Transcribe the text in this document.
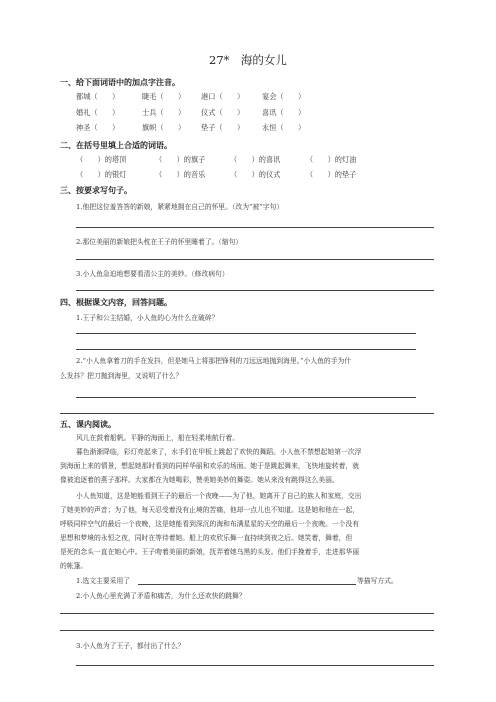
27*　海的女儿
一、给下面词语中的加点字注音。
都城（　　）	睫毛（　　） 港口（　　） 宴会（　　）
婚礼（　　）	士兵（　　） 仪式（　　） 喜讯（　　）
神圣（　　）	旗帜（　　） 垫子（　　） 永恒（　　）
二、在括号里填上合适的词语。
（　　）的塔顶	（　　）的旗子	（　　）的喜讯	（　　）的灯油
（　　）的银灯	（　　）的音乐	（　　）的仪式	（　　）的垫子
三、按要求写句子。
1.他把这位羞答答的新娘，紧紧地拥在自己的怀里。（改为“被”字句）
2.那位美丽的新娘把头枕在王子的怀里睡着了。（缩句）
3.小人鱼急迫地想要看清公主的美妙。（修改病句）
四、根据课文内容，回答问题。
1.王子和公主结婚，小人鱼的心为什么在破碎？
2.“小人鱼拿着刀的手在发抖，但是她马上将那把锋利的刀远远地抛到海里。”小人鱼的手为什
么发抖？把刀抛到海里，又说明了什么？
五、课内阅读。
风儿在鼓着船帆。平静的海面上，船在轻柔地航行着。
暮色渐渐降临，彩灯亮起来了，水手们在甲板上跳起了欢快的舞蹈。小人鱼不禁想起她第一次浮
到海面上来的情景，想起她那时看到的同样华丽和欢乐的场面。她于是跳起舞来，飞快地旋转着，就
像被追逐着的燕子那样。大家都在为她喝彩，赞美她美妙的舞姿。她从来没有跳得这么美丽。
小人鱼知道，这是她能看到王子的最后一个夜晚——为了他，她离开了自己的族人和家庭，交出
了她美妙的声音；为了他，每天忍受着没有止境的苦痛，他却一点儿也不知道。这是她和他在一起，
呼吸同样空气的最后一个夜晚，这是她能看到深沉的海和布满星星的天空的最后一个夜晚。一个没有
思想和梦境的永恒之夜，同时在等待着她。船上的欢欣乐舞一直持续到夜之后。她笑着，舞着，但
是死的念头一直在她心中。王子吻着美丽的新娘，抚弄着她乌黑的头发。他们手挽着手，走进那华丽
的帐篷。
1.选文主要采用了	等描写方式。
2.小人鱼心里充满了矛盾和痛苦，为什么还欢快的跳舞？
3.小人鱼为了王子，都付出了什么？
